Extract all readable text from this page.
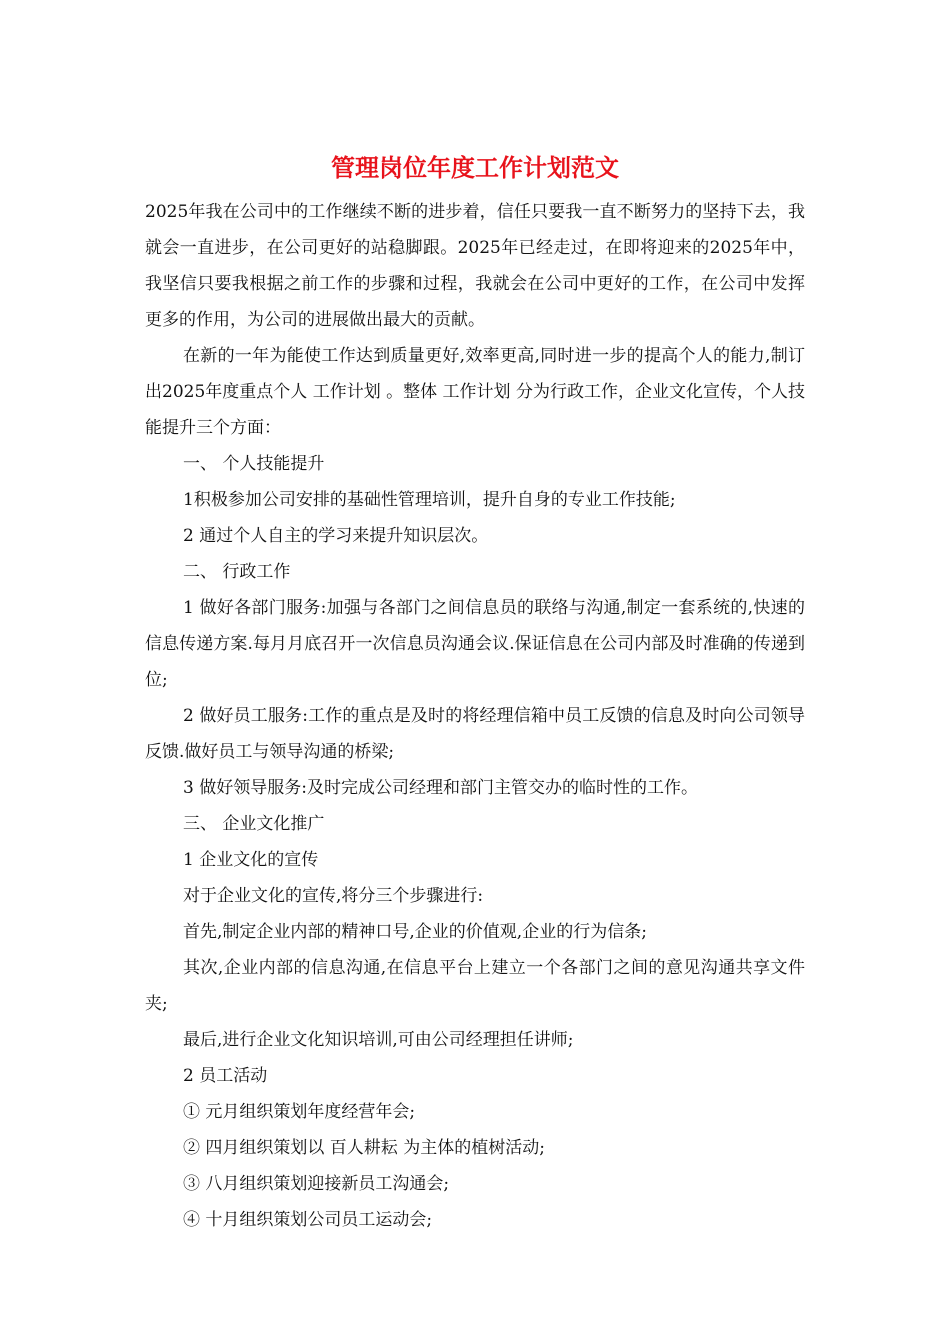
管理岗位年度工作计划范文

2025年我在公司中的工作继续不断的进步着，信任只要我一直不断努力的坚持下去，我就会一直进步，在公司更好的站稳脚跟。2025年已经走过，在即将迎来的2025年中，我坚信只要我根据之前工作的步骤和过程，我就会在公司中更好的工作，在公司中发挥更多的作用，为公司的进展做出最大的贡献。

在新的一年为能使工作达到质量更好,效率更高,同时进一步的提高个人的能力,制订出2025年度重点个人 工作计划 。整体 工作计划 分为行政工作，企业文化宣传，个人技能提升三个方面：

一、 个人技能提升

1积极参加公司安排的基础性管理培训，提升自身的专业工作技能;

2 通过个人自主的学习来提升知识层次。

二、 行政工作

1 做好各部门服务:加强与各部门之间信息员的联络与沟通,制定一套系统的,快速的信息传递方案.每月月底召开一次信息员沟通会议.保证信息在公司内部及时准确的传递到位;

2 做好员工服务:工作的重点是及时的将经理信箱中员工反馈的信息及时向公司领导反馈.做好员工与领导沟通的桥梁;

3 做好领导服务:及时完成公司经理和部门主管交办的临时性的工作。

三、 企业文化推广

1 企业文化的宣传

对于企业文化的宣传,将分三个步骤进行:

首先,制定企业内部的精神口号,企业的价值观,企业的行为信条;

其次,企业内部的信息沟通,在信息平台上建立一个各部门之间的意见沟通共享文件夹;

最后,进行企业文化知识培训,可由公司经理担任讲师;

2 员工活动

① 元月组织策划年度经营年会;

② 四月组织策划以 百人耕耘 为主体的植树活动;

③ 八月组织策划迎接新员工沟通会;

④ 十月组织策划公司员工运动会;
